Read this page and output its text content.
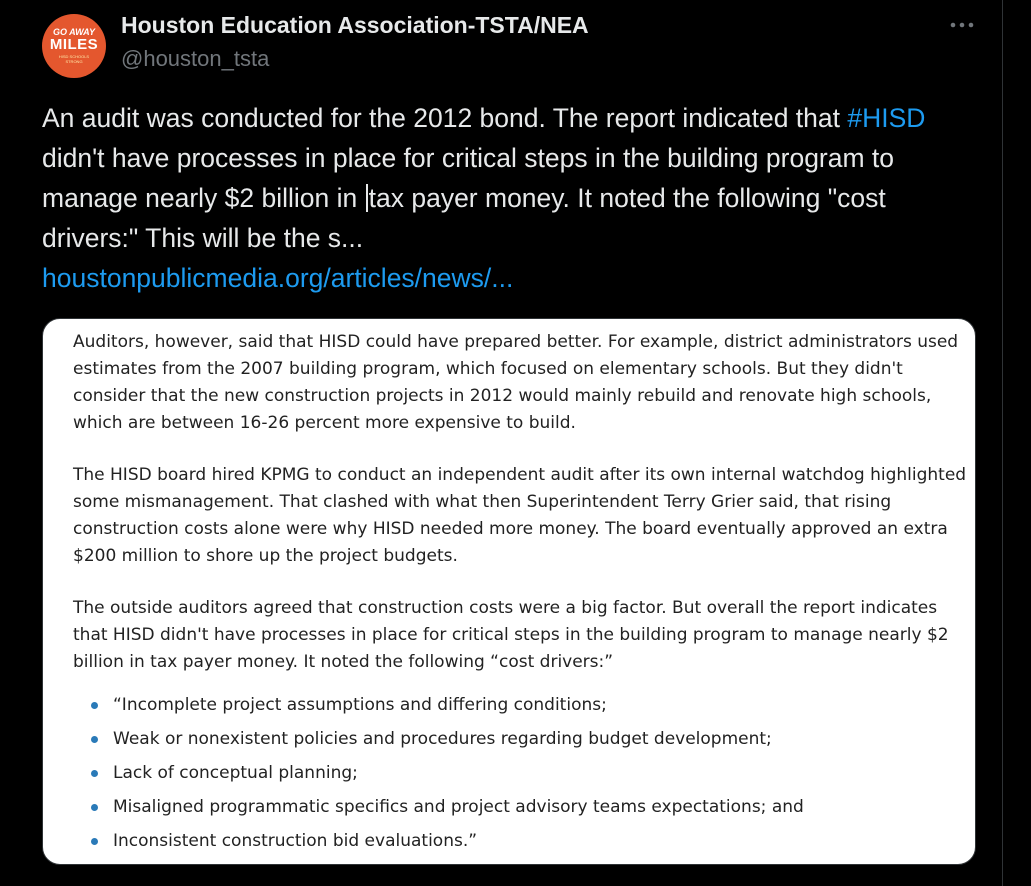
GO AWAY
MILES
HISD SCHOOLS STRONG
Houston Education Association-TSTA/NEA
@houston_tsta
An audit was conducted for the 2012 bond. The report indicated that #HISD didn't have processes in place for critical steps in the building program to manage nearly $2 billion in tax payer money. It noted the following "cost drivers:" This will be the s...
houstonpublicmedia.org/articles/news/...

Auditors, however, said that HISD could have prepared better. For example, district administrators used estimates from the 2007 building program, which focused on elementary schools. But they didn't consider that the new construction projects in 2012 would mainly rebuild and renovate high schools, which are between 16-26 percent more expensive to build.

The HISD board hired KPMG to conduct an independent audit after its own internal watchdog highlighted some mismanagement. That clashed with what then Superintendent Terry Grier said, that rising construction costs alone were why HISD needed more money. The board eventually approved an extra $200 million to shore up the project budgets.

The outside auditors agreed that construction costs were a big factor. But overall the report indicates that HISD didn't have processes in place for critical steps in the building program to manage nearly $2 billion in tax payer money. It noted the following “cost drivers:”

“Incomplete project assumptions and differing conditions;
Weak or nonexistent policies and procedures regarding budget development;
Lack of conceptual planning;
Misaligned programmatic specifics and project advisory teams expectations; and
Inconsistent construction bid evaluations.”
